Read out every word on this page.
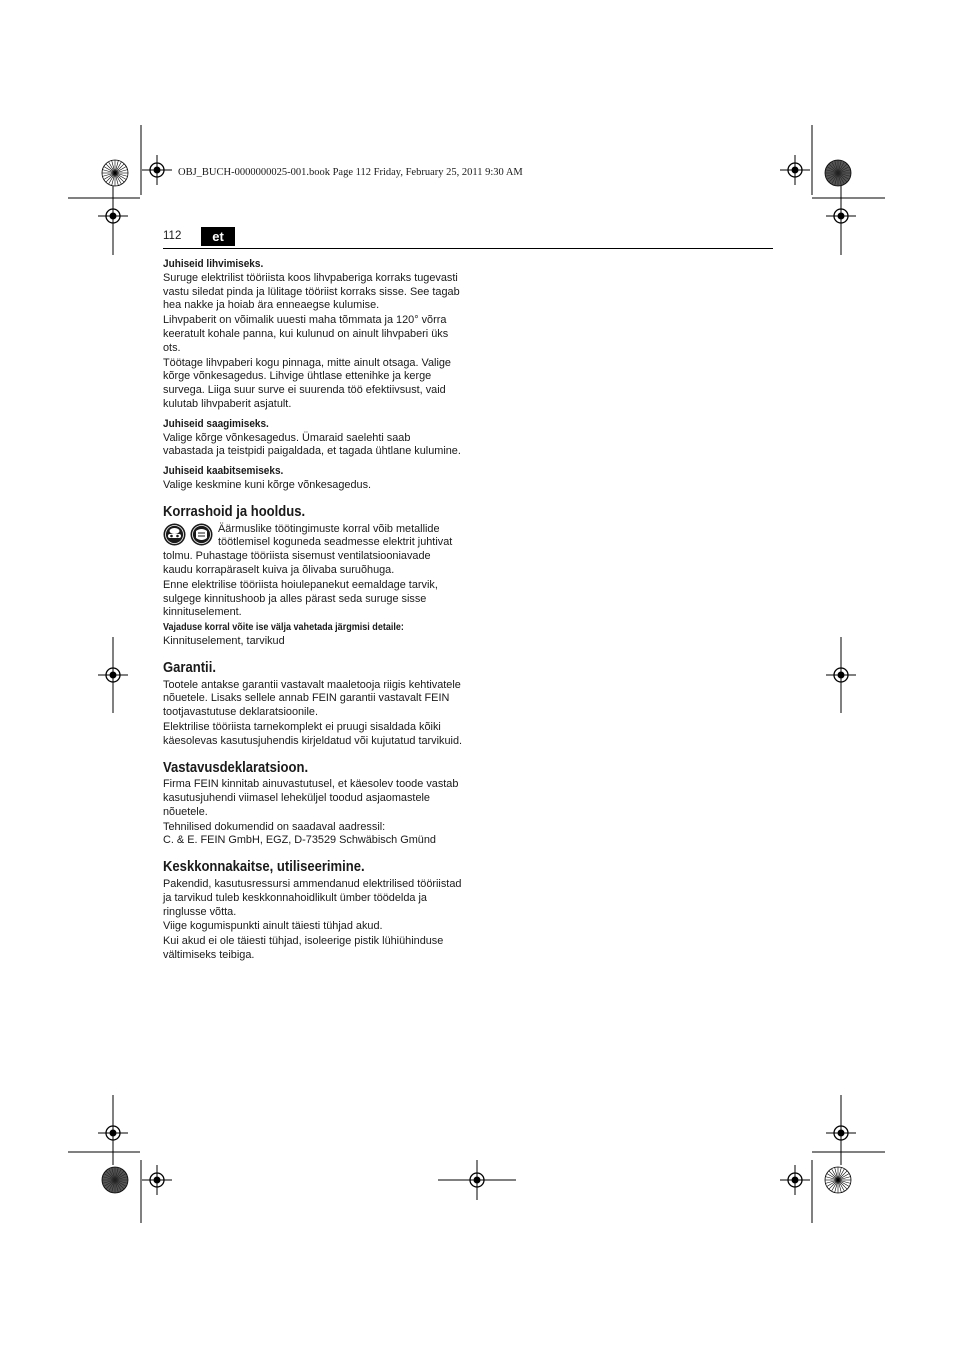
OBJ_BUCH-0000000025-001.book Page 112 Friday, February 25, 2011 9:30 AM
112	et
Juhiseid lihvimiseks.

Suruge elektrilist tööriista koos lihvpaberiga korraks tugevasti vastu siledat pinda ja lülitage tööriist korraks sisse. See tagab hea nakke ja hoiab ära enneaegse kulumise.

Lihvpaberit on võimalik uuesti maha tõmmata ja 120° võrra keeratult kohale panna, kui kulunud on ainult lihvpaberi üks ots.

Töötage lihvpaberi kogu pinnaga, mitte ainult otsaga. Valige kõrge võnkesagedus. Lihvige ühtlase ettenihke ja kerge survega. Liiga suur surve ei suurenda töö efektiivsust, vaid kulutab lihvpaberit asjatult.

Juhiseid saagimiseks.

Valige kõrge võnkesagedus. Ümaraid saelehti saab vabastada ja teistpidi paigaldada, et tagada ühtlane kulumine.

Juhiseid kaabitsemiseks.

Valige keskmine kuni kõrge võnkesagedus.

Korrashoid ja hooldus.

Äärmuslike töötingimuste korral võib metallide töötlemisel koguneda seadmesse elektrit juhtivat tolmu. Puhastage tööriista sisemust ventilatsiooniavade kaudu korrapäraselt kuiva ja õlivaba suruõhuga.

Enne elektrilise tööriista hoiulepanekut eemaldage tarvik, sulgege kinnitushoob ja alles pärast seda suruge sisse kinnituselement.

Vajaduse korral võite ise välja vahetada järgmisi detaile:

Kinnituselement, tarvikud

Garantii.

Tootele antakse garantii vastavalt maaletooja riigis kehtivatele nõuetele. Lisaks sellele annab FEIN garantii vastavalt FEIN tootjavastutuse deklaratsioonile.

Elektrilise tööriista tarnekomplekt ei pruugi sisaldada kõiki käesolevas kasutusjuhendis kirjeldatud või kujutatud tarvikuid.

Vastavusdeklaratsioon.

Firma FEIN kinnitab ainuvastutusel, et käesolev toode vastab kasutusjuhendi viimasel leheküljel toodud asjaomastele nõuetele.

Tehnilised dokumendid on saadaval aadressil:

C. & E. FEIN GmbH, EGZ, D-73529 Schwäbisch Gmünd

Keskkonnakaitse, utiliseerimine.

Pakendid, kasutusressursi ammendanud elektrilised tööriistad ja tarvikud tuleb keskkonnahoidlikult ümber töödelda ja ringlusse võtta.

Viige kogumispunkti ainult täiesti tühjad akud.

Kui akud ei ole täiesti tühjad, isoleerige pistik lühiühinduse vältimiseks teibiga.
